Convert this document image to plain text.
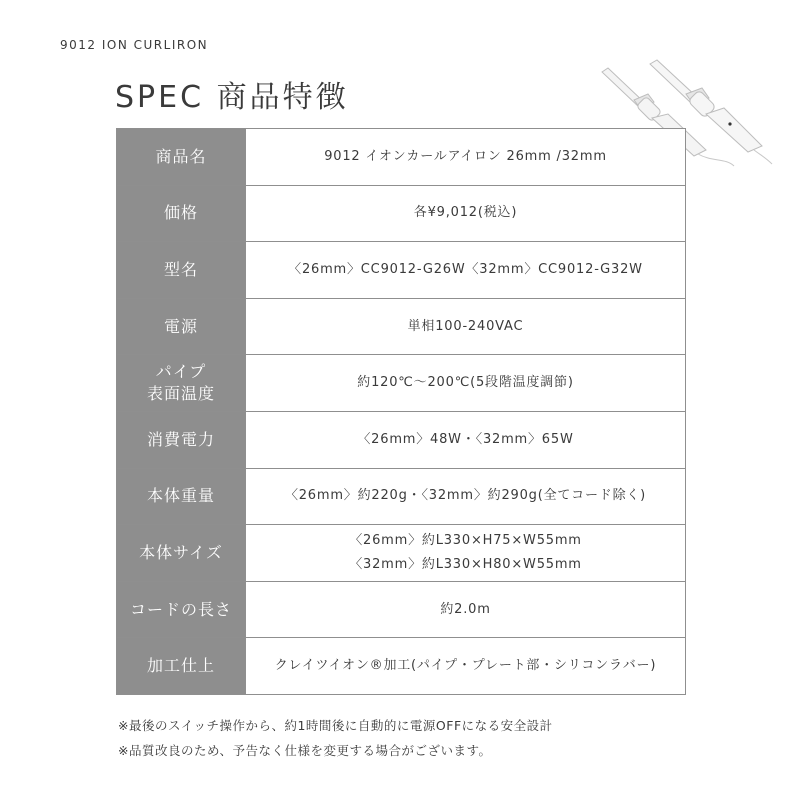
9012 ION CURLIRON
SPEC 商品特徴
商品名	9012 イオンカールアイロン 26mm /32mm

価格	各¥9,012(税込)

型名	〈26mm〉CC9012-G26W〈32mm〉CC9012-G32W

電源	単相100-240VAC

パイプ
表面温度	約120℃〜200℃(5段階温度調節)

消費電力	〈26mm〉48W・〈32mm〉65W

本体重量	〈26mm〉約220g・〈32mm〉約290g(全てコード除く)

本体サイズ	〈26mm〉約L330×H75×W55mm
〈32mm〉約L330×H80×W55mm

コードの長さ	約2.0m

加工仕上	クレイツイオン®加工(パイプ・プレート部・シリコンラバー)
※最後のスイッチ操作から、約1時間後に自動的に電源OFFになる安全設計
※品質改良のため、予告なく仕様を変更する場合がございます。
